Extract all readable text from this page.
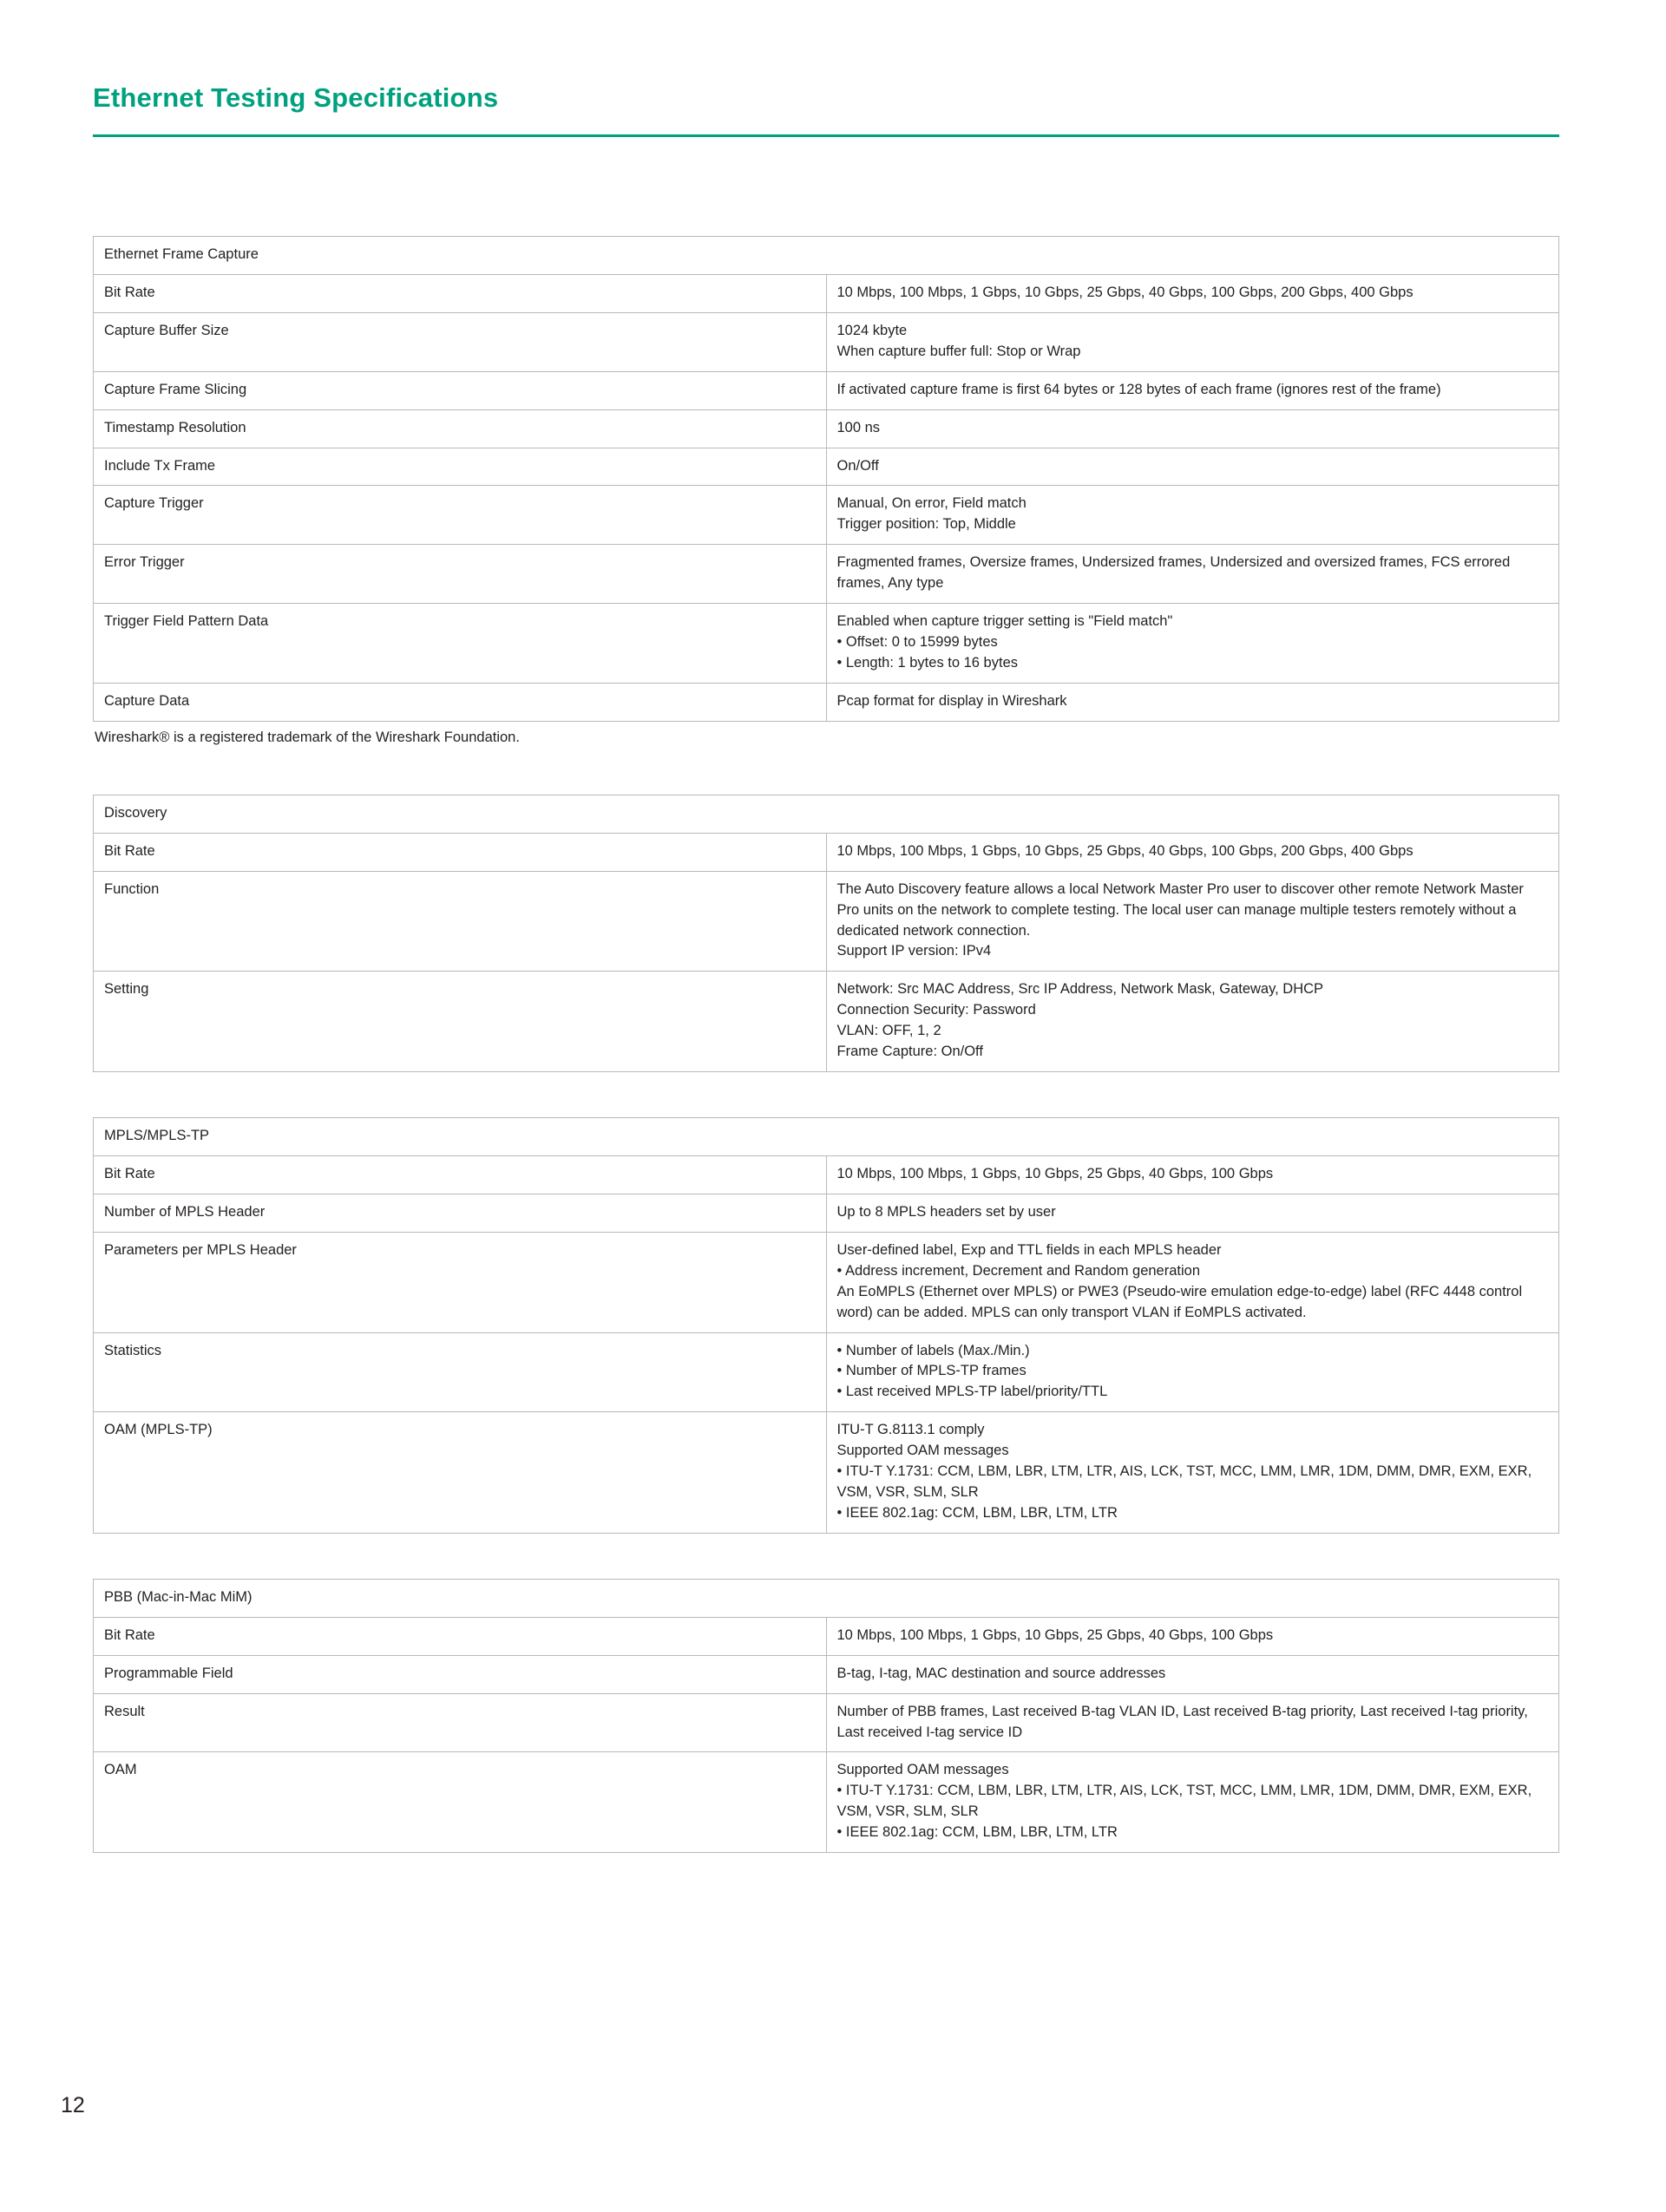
Ethernet Testing Specifications
Ethernet Frame Capture	
Bit Rate	10 Mbps, 100 Mbps, 1 Gbps, 10 Gbps, 25 Gbps, 40 Gbps, 100 Gbps, 200 Gbps, 400 Gbps

Capture Buffer Size	1024 kbyte
When capture buffer full: Stop or Wrap

Capture Frame Slicing	If activated capture frame is first 64 bytes or 128 bytes of each frame (ignores rest of the frame)

Timestamp Resolution	100 ns

Include Tx Frame	On/Off

Capture Trigger	Manual, On error, Field match
Trigger position: Top, Middle

Error Trigger	Fragmented frames, Oversize frames, Undersized frames, Undersized and oversized frames, FCS errored frames, Any type

Trigger Field Pattern Data	Enabled when capture trigger setting is "Field match"
• Offset: 0 to 15999 bytes
• Length: 1 bytes to 16 bytes

Capture Data	Pcap format for display in Wireshark
Wireshark® is a registered trademark of the Wireshark Foundation.
Discovery	
Bit Rate	10 Mbps, 100 Mbps, 1 Gbps, 10 Gbps, 25 Gbps, 40 Gbps, 100 Gbps, 200 Gbps, 400 Gbps

Function	The Auto Discovery feature allows a local Network Master Pro user to discover other remote Network Master Pro units on the network to complete testing. The local user can manage multiple testers remotely without a dedicated network connection.
Support IP version: IPv4

Setting	Network: Src MAC Address, Src IP Address, Network Mask, Gateway, DHCP
Connection Security: Password
VLAN: OFF, 1, 2
Frame Capture: On/Off
MPLS/MPLS-TP	
Bit Rate	10 Mbps, 100 Mbps, 1 Gbps, 10 Gbps, 25 Gbps, 40 Gbps, 100 Gbps

Number of MPLS Header	Up to 8 MPLS headers set by user

Parameters per MPLS Header	User-defined label, Exp and TTL fields in each MPLS header
• Address increment, Decrement and Random generation
An EoMPLS (Ethernet over MPLS) or PWE3 (Pseudo-wire emulation edge-to-edge) label (RFC 4448 control word) can be added. MPLS can only transport VLAN if EoMPLS activated.

Statistics	• Number of labels (Max./Min.)
• Number of MPLS-TP frames
• Last received MPLS-TP label/priority/TTL

OAM (MPLS-TP)	ITU-T G.8113.1 comply
Supported OAM messages
• ITU-T Y.1731: CCM, LBM, LBR, LTM, LTR, AIS, LCK, TST, MCC, LMM, LMR, 1DM, DMM, DMR, EXM, EXR, VSM, VSR, SLM, SLR
• IEEE 802.1ag: CCM, LBM, LBR, LTM, LTR
PBB (Mac-in-Mac MiM)	
Bit Rate	10 Mbps, 100 Mbps, 1 Gbps, 10 Gbps, 25 Gbps, 40 Gbps, 100 Gbps

Programmable Field	B-tag, I-tag, MAC destination and source addresses

Result	Number of PBB frames, Last received B-tag VLAN ID, Last received B-tag priority, Last received I-tag priority,
Last received I-tag service ID

OAM	Supported OAM messages
• ITU-T Y.1731: CCM, LBM, LBR, LTM, LTR, AIS, LCK, TST, MCC, LMM, LMR, 1DM, DMM, DMR, EXM, EXR, VSM, VSR, SLM, SLR
• IEEE 802.1ag: CCM, LBM, LBR, LTM, LTR
12
